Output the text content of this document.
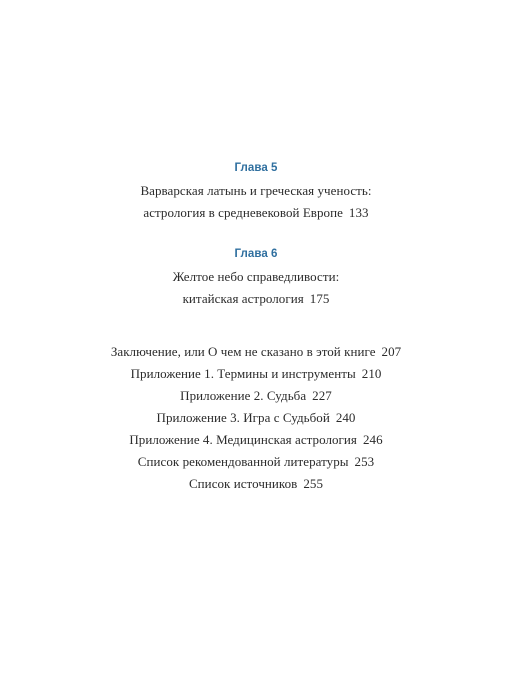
Глава 5
Варварская латынь и греческая ученость:
астрология в средневековой Европе 133
Глава 6
Желтое небо справедливости:
китайская астрология 175
Заключение, или О чем не сказано в этой книге 207
Приложение 1. Термины и инструменты 210
Приложение 2. Судьба 227
Приложение 3. Игра с Судьбой 240
Приложение 4. Медицинская астрология 246
Список рекомендованной литературы 253
Список источников 255
